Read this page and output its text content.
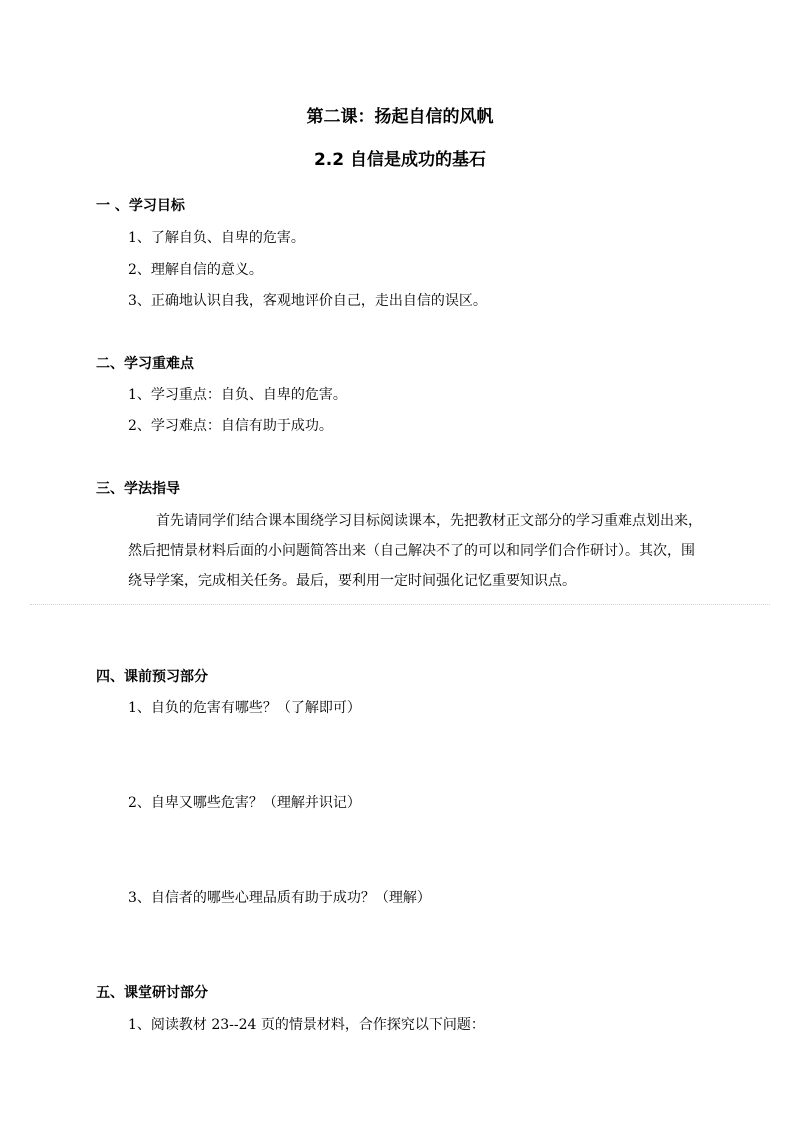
第二课：扬起自信的风帆
2.2 自信是成功的基石
一 、学习目标
1、了解自负、自卑的危害。
2、理解自信的意义。
3、正确地认识自我，客观地评价自己，走出自信的误区。
二、学习重难点
1、学习重点：自负、自卑的危害。
2、学习难点：自信有助于成功。
三、学法指导

首先请同学们结合课本围绕学习目标阅读课本，先把教材正文部分的学习重难点划出来，然后把情景材料后面的小问题简答出来（自己解决不了的可以和同学们合作研讨）。其次，围绕导学案，完成相关任务。最后，要利用一定时间强化记忆重要知识点。

四、课前预习部分
1、自负的危害有哪些？（了解即可）
2、自卑又哪些危害？（理解并识记）
3、自信者的哪些心理品质有助于成功？（理解）
五、课堂研讨部分
1、阅读教材 23--24 页的情景材料，合作探究以下问题：
